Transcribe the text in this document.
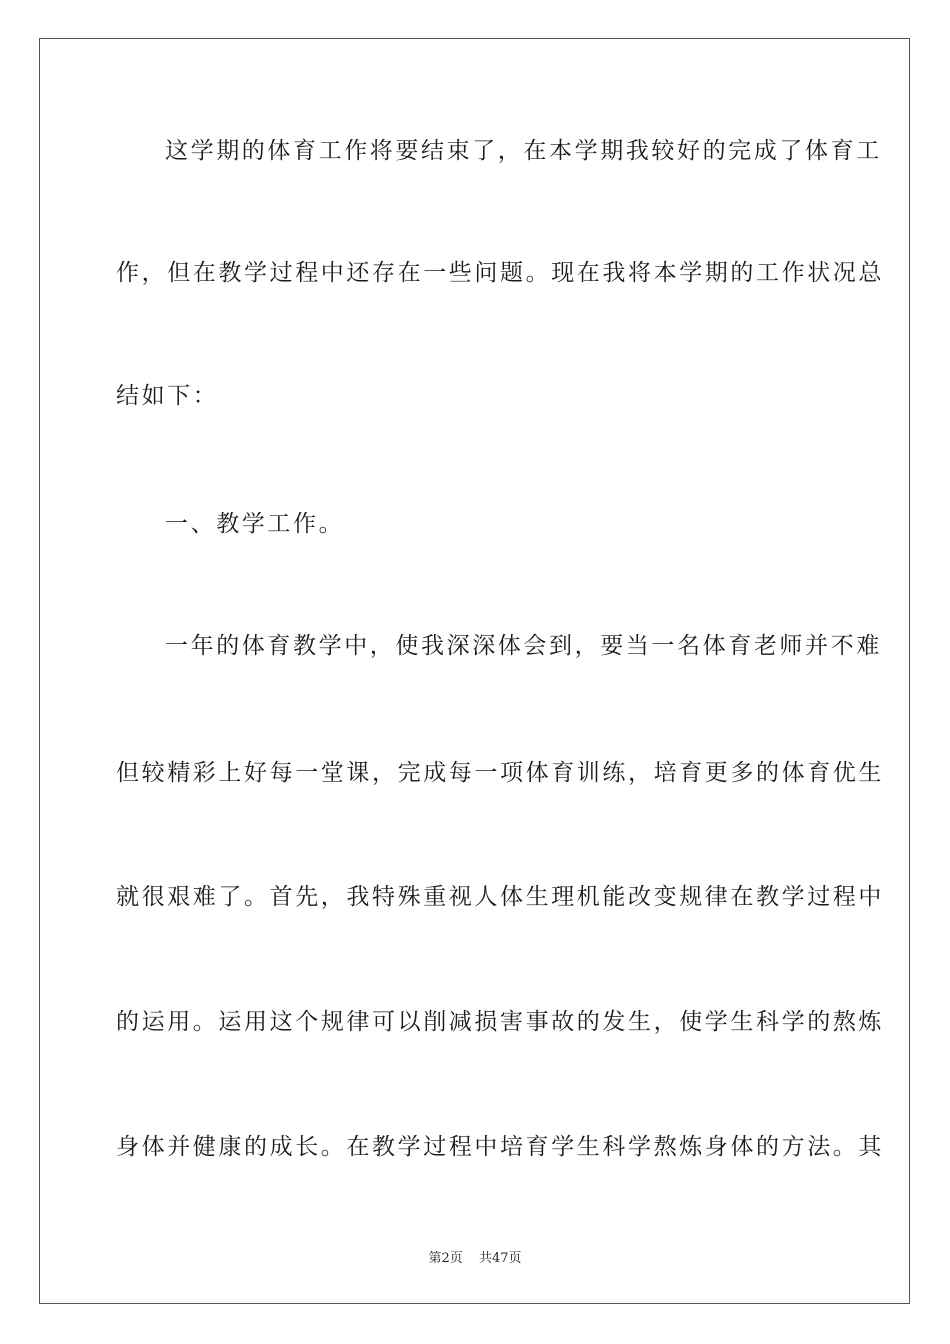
这学期的体育工作将要结束了，在本学期我较好的完成了体育工
作，但在教学过程中还存在一些问题。现在我将本学期的工作状况总
结如下：
一、教学工作。
一年的体育教学中，使我深深体会到，要当一名体育老师并不难
但较精彩上好每一堂课，完成每一项体育训练，培育更多的体育优生
就很艰难了。首先，我特殊重视人体生理机能改变规律在教学过程中
的运用。运用这个规律可以削减损害事故的发生，使学生科学的熬炼
身体并健康的成长。在教学过程中培育学生科学熬炼身体的方法。其
第2页 共47页
